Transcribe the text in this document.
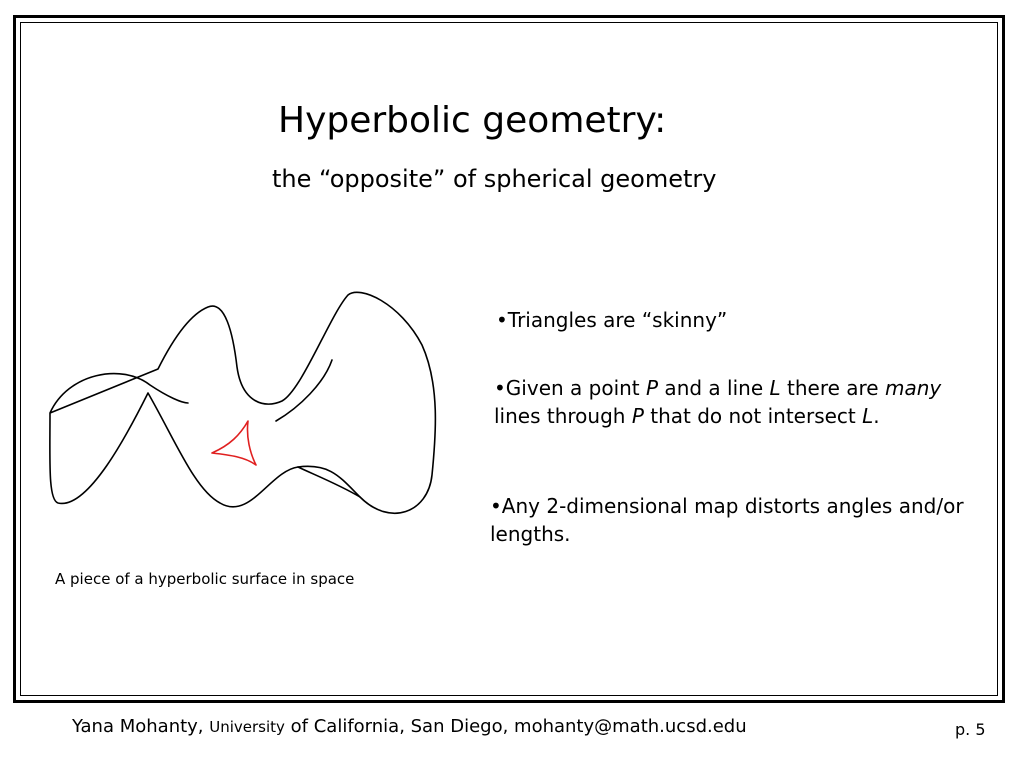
Hyperbolic geometry:
the “opposite” of spherical geometry
A piece of a hyperbolic surface in space
•Triangles are “skinny”
•Given a point P and a line L there are many lines through P that do not intersect L.
•Any 2-dimensional map distorts angles and/or lengths.
Yana Mohanty, University of California, San Diego, mohanty@math.ucsd.edu	p. 5
